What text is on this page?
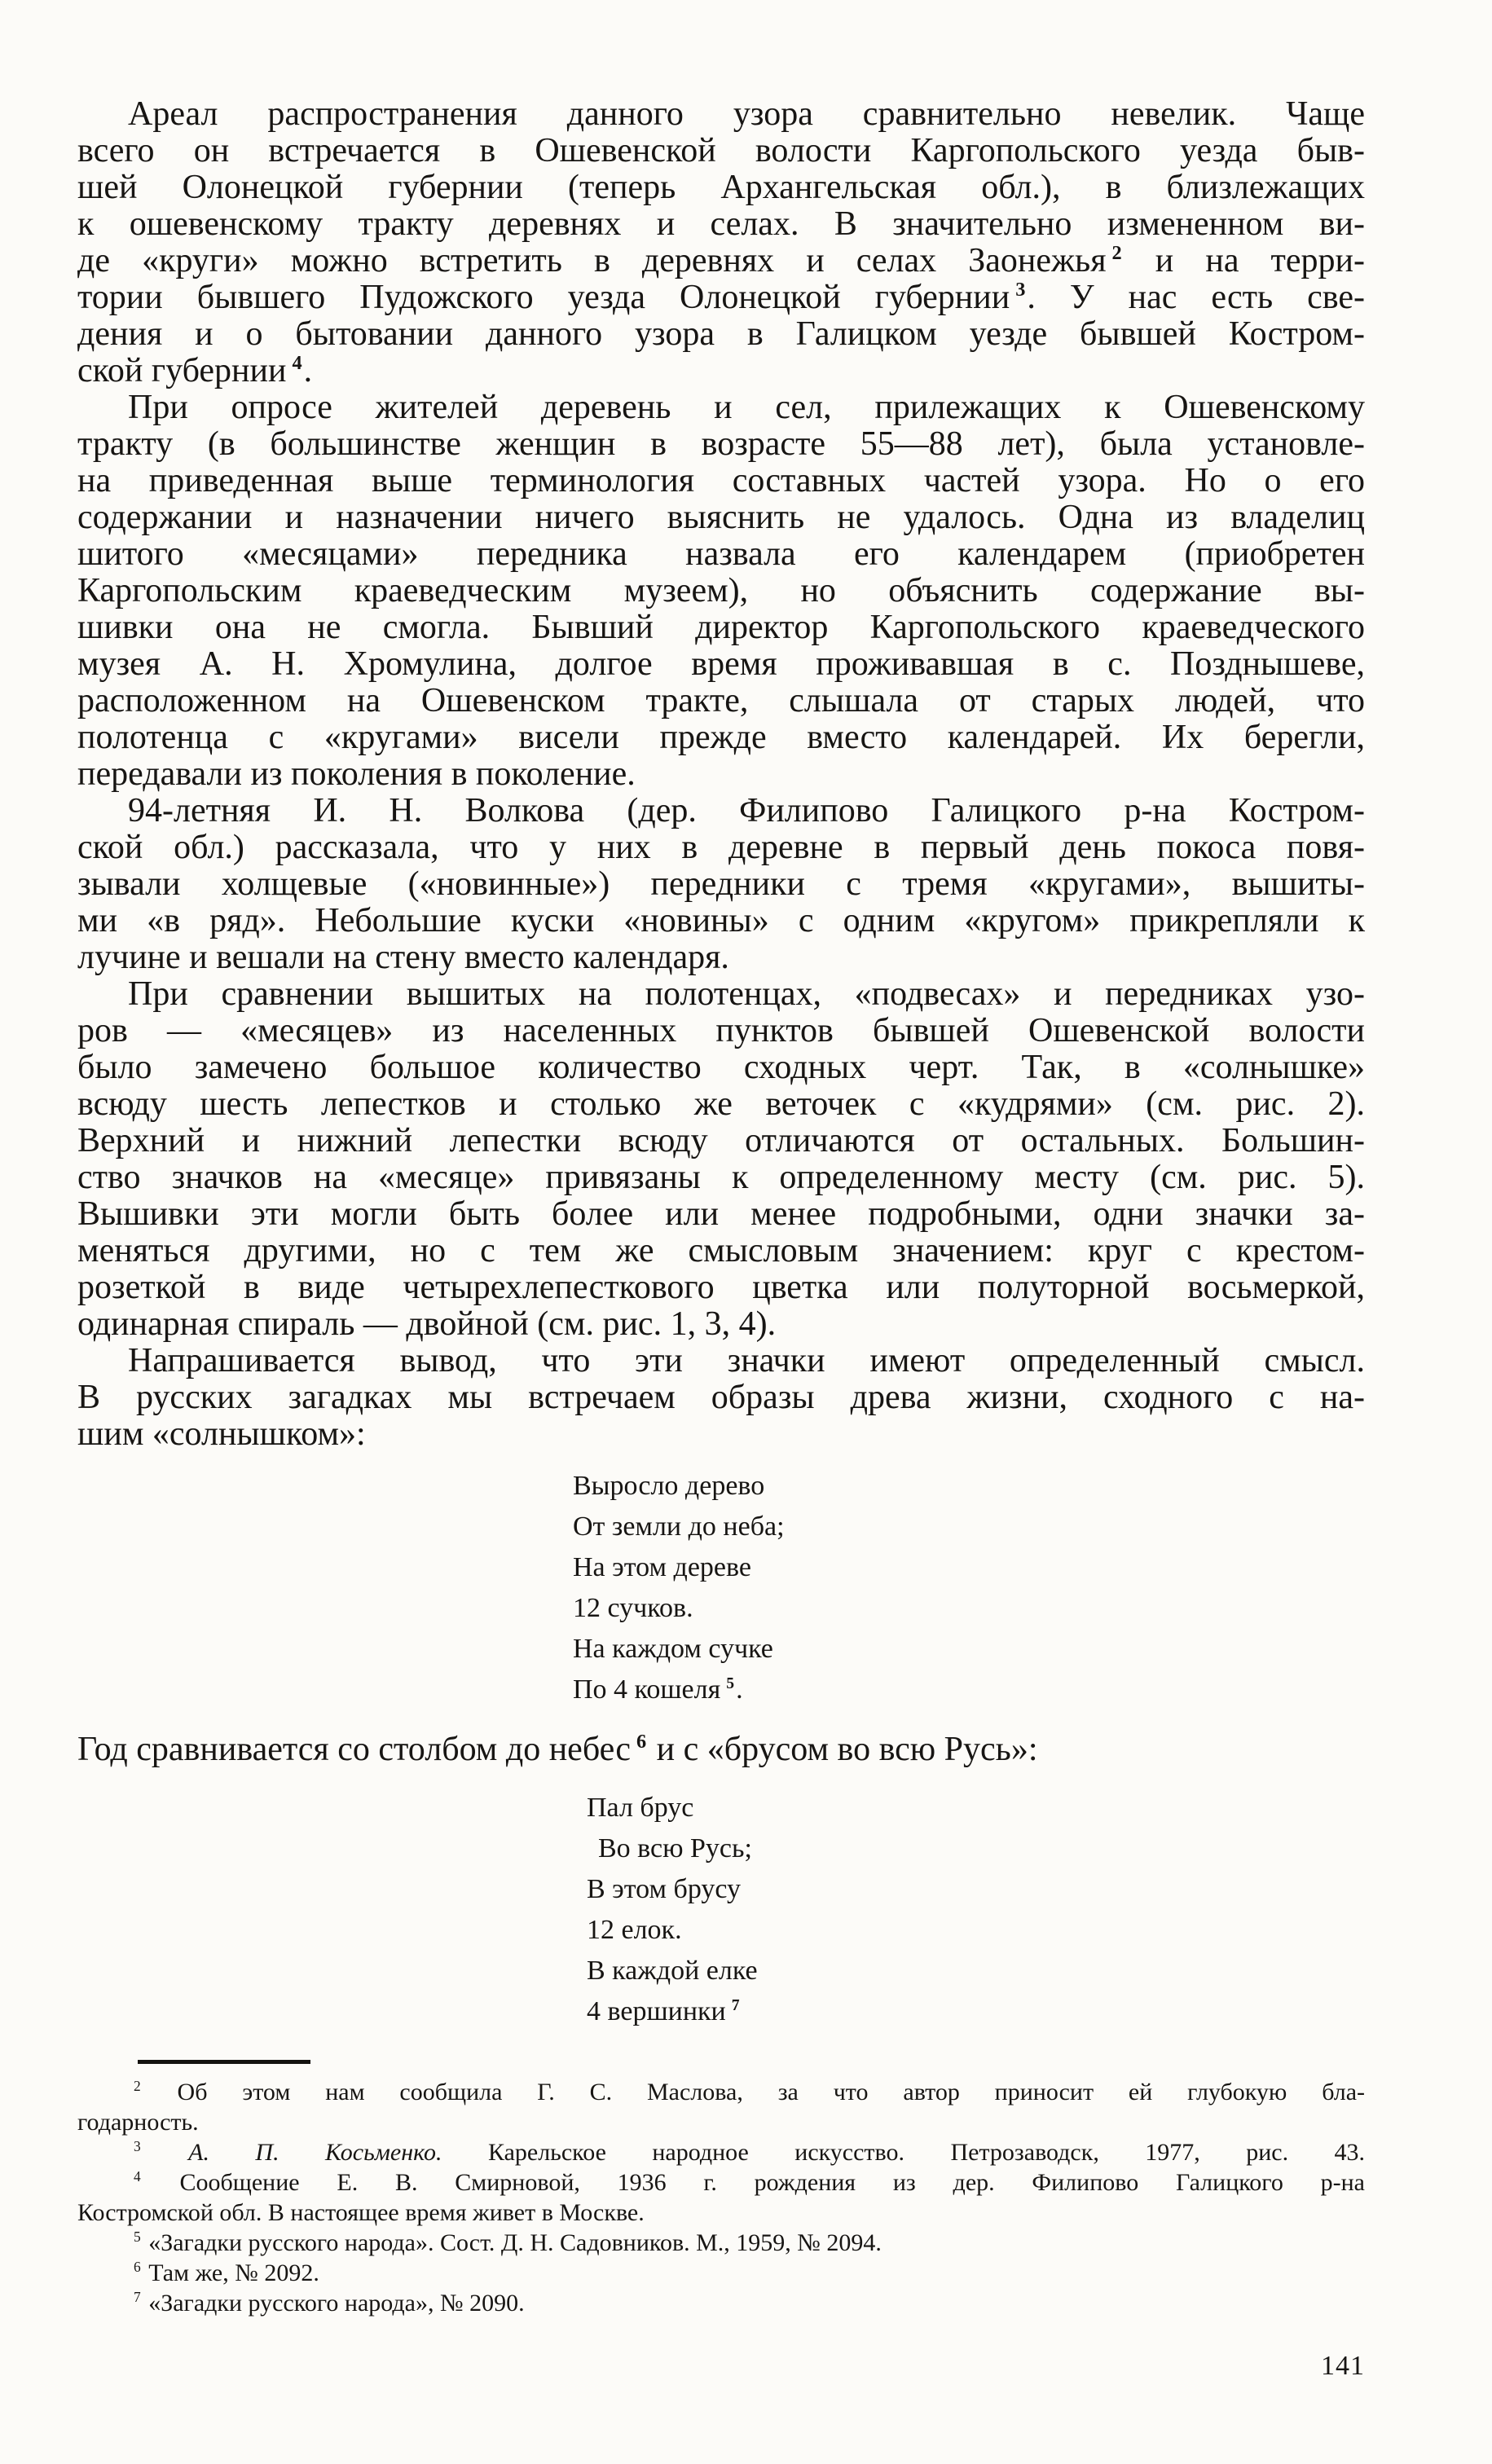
Ареал распространения данного узора сравнительно невелик. Чаще
всего он встречается в Ошевенской волости Каргопольского уезда быв-
шей Олонецкой губернии (теперь Архангельская обл.), в близлежащих
к ошевенскому тракту деревнях и селах. В значительно измененном ви-
де «круги» можно встретить в деревнях и селах Заонежья $^2$ и на терри-
тории бывшего Пудожского уезда Олонецкой губернии $^3$. У нас есть све-
дения и о бытовании данного узора в Галицком уезде бывшей Костром-
ской губернии $^4$.
При опросе жителей деревень и сел, прилежащих к Ошевенскому
тракту (в большинстве женщин в возрасте 55—88 лет), была установле-
на приведенная выше терминология составных частей узора. Но о его
содержании и назначении ничего выяснить не удалось. Одна из владелиц
шитого «месяцами» передника назвала его календарем (приобретен
Каргопольским краеведческим музеем), но объяснить содержание вы-
шивки она не смогла. Бывший директор Каргопольского краеведческого
музея А. Н. Хромулина, долгое время проживавшая в с. Позднышеве,
расположенном на Ошевенском тракте, слышала от старых людей, что
полотенца с «кругами» висели прежде вместо календарей. Их берегли,
передавали из поколения в поколение.
94-летняя И. Н. Волкова (дер. Филипово Галицкого р-на Костром-
ской обл.) рассказала, что у них в деревне в первый день покоса повя-
зывали холщевые («новинные») передники с тремя «кругами», вышиты-
ми «в ряд». Небольшие куски «новины» с одним «кругом» прикрепляли к
лучине и вешали на стену вместо календаря.
При сравнении вышитых на полотенцах, «подвесах» и передниках узо-
ров — «месяцев» из населенных пунктов бывшей Ошевенской волости
было замечено большое количество сходных черт. Так, в «солнышке»
всюду шесть лепестков и столько же веточек с «кудрями» (см. рис. 2).
Верхний и нижний лепестки всюду отличаются от остальных. Большин-
ство значков на «месяце» привязаны к определенному месту (см. рис. 5).
Вышивки эти могли быть более или менее подробными, одни значки за-
меняться другими, но с тем же смысловым значением: круг с крестом-
розеткой в виде четырехлепесткового цветка или полуторной восьмеркой,
одинарная спираль — двойной (см. рис. 1, 3, 4).
Напрашивается вывод, что эти значки имеют определенный смысл.
В русских загадках мы встречаем образы древа жизни, сходного с на-
шим «солнышком»:
Выросло дерево
От земли до неба;
На этом дереве
12 сучков.
На каждом сучке
По 4 кошеля $^5$.
Год сравнивается со столбом до небес $^6$ и с «брусом во всю Русь»:
Пал брус
Во всю Русь;
В этом брусу
12 елок.
В каждой елке
4 вершинки $^7$
$^2$ Об этом нам сообщила Г. С. Маслова, за что автор приносит ей глубокую бла-
годарность.
$^3$ А. П. Косьменко. Карельское народное искусство. Петрозаводск, 1977, рис. 43.
$^4$ Сообщение Е. В. Смирновой, 1936 г. рождения из дер. Филипово Галицкого р-на
Костромской обл. В настоящее время живет в Москве.
$^5$ «Загадки русского народа». Сост. Д. Н. Садовников. М., 1959, № 2094.
$^6$ Там же, № 2092.
$^7$ «Загадки русского народа», № 2090.
141
